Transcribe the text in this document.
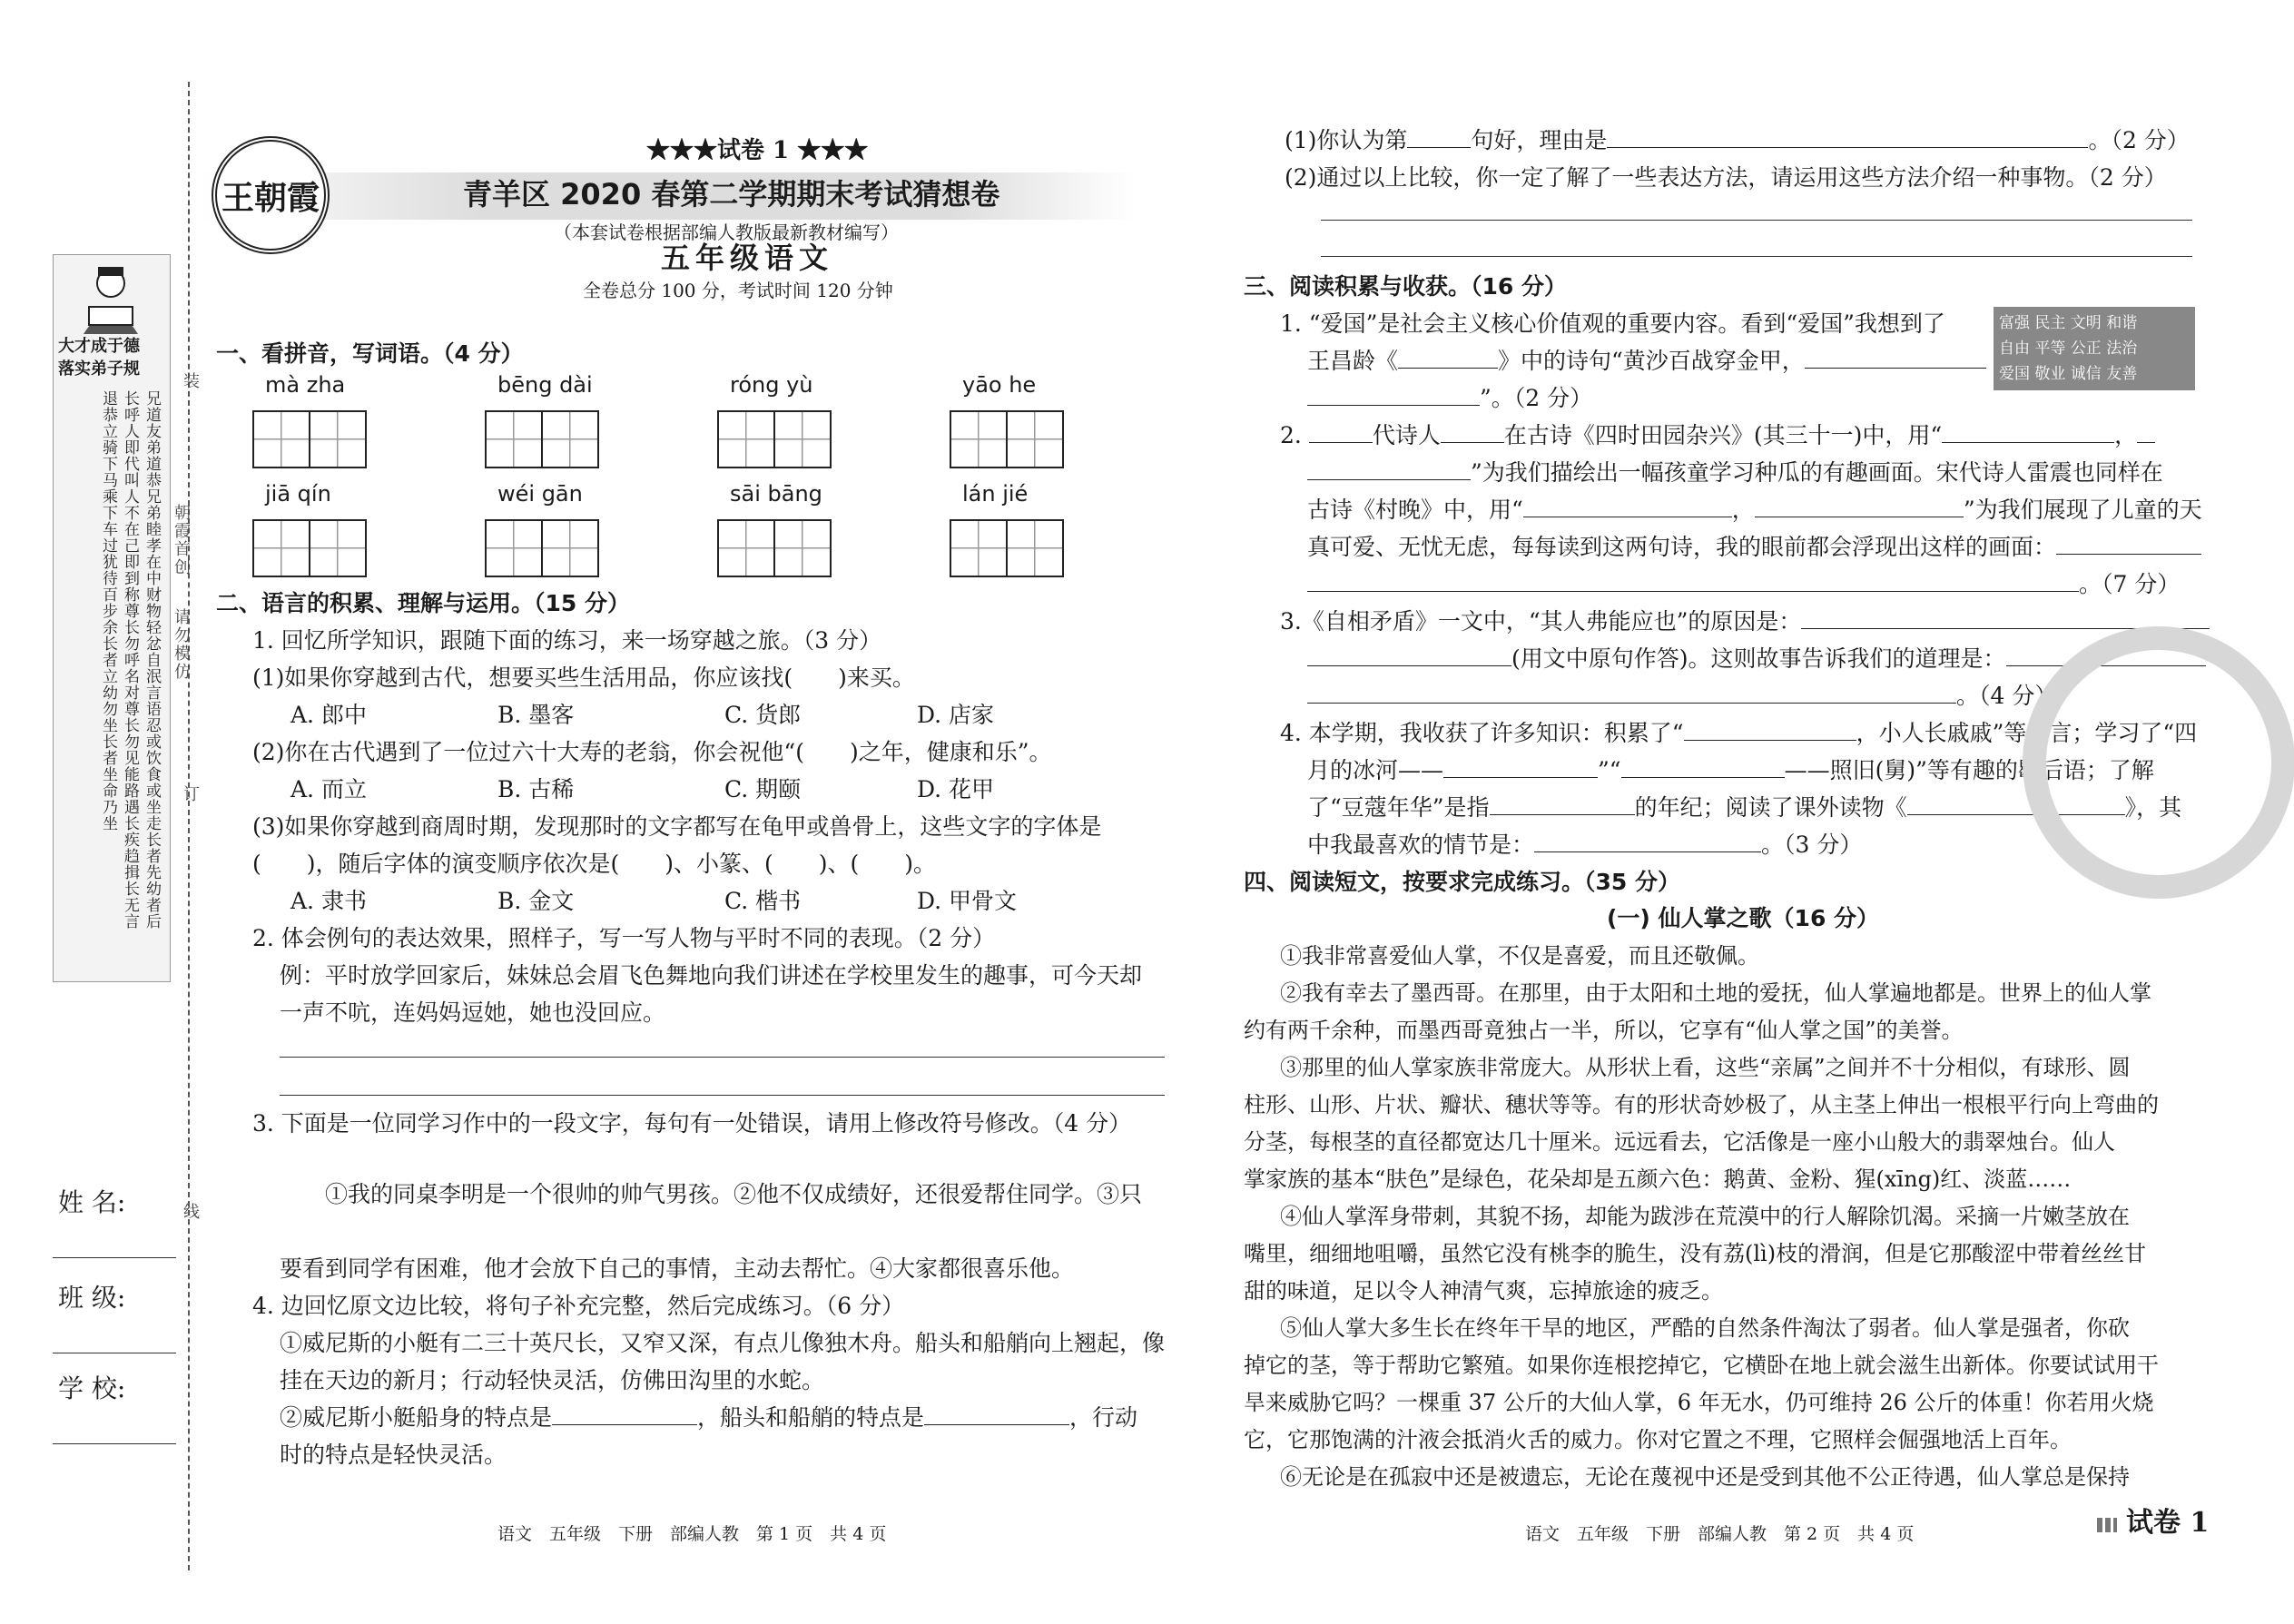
大才成于德
落实弟子规
兄道友弟道恭兄弟睦孝在中财物轻忿自泯言语忍或饮食或坐走长者先幼者后长呼人即代叫人不在己即到称尊长勿呼名对尊长勿见能路遇长疾趋揖长无言退恭立骑下马乘下车过犹待百步余长者立幼勿坐长者坐命乃坐
装
朝霞首创
请勿模仿
订
线
姓 名:
班 级:
学 校:
王朝霞
★★★试卷 1 ★★★
青羊区 2020 春第二学期期末考试猜想卷
（本套试卷根据部编人教版最新教材编写）
五年级语文
全卷总分 100 分，考试时间 120 分钟
一、看拼音，写词语。（4 分）
mà zha	bēng dài	róng yù	yāo he
jiā qín	wéi gān	sāi bāng	lán jié
二、语言的积累、理解与运用。（15 分）
1. 回忆所学知识，跟随下面的练习，来一场穿越之旅。（3 分）
(1)如果你穿越到古代，想要买些生活用品，你应该找(　　)来买。
A. 郎中	B. 墨客	C. 货郎	D. 店家
(2)你在古代遇到了一位过六十大寿的老翁，你会祝他“(　　)之年，健康和乐”。
A. 而立	B. 古稀	C. 期颐	D. 花甲
(3)如果你穿越到商周时期，发现那时的文字都写在龟甲或兽骨上，这些文字的字体是
(　　)，随后字体的演变顺序依次是(　　)、小篆、(　　)、(　　)。
A. 隶书	B. 金文	C. 楷书	D. 甲骨文
2. 体会例句的表达效果，照样子，写一写人物与平时不同的表现。（2 分）
例：平时放学回家后，妹妹总会眉飞色舞地向我们讲述在学校里发生的趣事，可今天却
一声不吭，连妈妈逗她，她也没回应。
3. 下面是一位同学习作中的一段文字，每句有一处错误，请用上修改符号修改。（4 分）
①我的同桌李明是一个很帅的帅气男孩。②他不仅成绩好，还很爱帮住同学。③只
要看到同学有困难，他才会放下自己的事情，主动去帮忙。④大家都很喜乐他。
4. 边回忆原文边比较，将句子补充完整，然后完成练习。（6 分）
①威尼斯的小艇有二三十英尺长，又窄又深，有点儿像独木舟。船头和船艄向上翘起，像
挂在天边的新月；行动轻快灵活，仿佛田沟里的水蛇。
②威尼斯小艇船身的特点是	，船头和船艄的特点是	，行动
时的特点是轻快灵活。
语文　五年级　下册　部编人教　第 1 页　共 4 页
(1)你认为第	句好，理由是	。（2 分）
(2)通过以上比较，你一定了解了一些表达方法，请运用这些方法介绍一种事物。（2 分）
三、阅读积累与收获。（16 分）
1. “爱国”是社会主义核心价值观的重要内容。看到“爱国”我想到了
王昌龄《	》中的诗句“黄沙百战穿金甲，
”。（2 分）
富强 民主 文明 和谐
自由 平等 公正 法治
爱国 敬业 诚信 友善
2.	代诗人	在古诗《四时田园杂兴》(其三十一)中，用“	，
”为我们描绘出一幅孩童学习种瓜的有趣画面。宋代诗人雷震也同样在
古诗《村晚》中，用“	，	”为我们展现了儿童的天
真可爱、无忧无虑，每每读到这两句诗，我的眼前都会浮现出这样的画面：
。（7 分）
3.《自相矛盾》一文中，“其人弗能应也”的原因是：
(用文中原句作答)。这则故事告诉我们的道理是：
。（4 分）
4. 本学期，我收获了许多知识：积累了“	，小人长戚戚”等名言；学习了“四
月的冰河——	”“	——照旧(舅)”等有趣的歇后语；了解
了“豆蔻年华”是指	的年纪；阅读了课外读物《	》，其
中我最喜欢的情节是：	。（3 分）
四、阅读短文，按要求完成练习。（35 分）
(一) 仙人掌之歌（16 分）
①我非常喜爱仙人掌，不仅是喜爱，而且还敬佩。
②我有幸去了墨西哥。在那里，由于太阳和土地的爱抚，仙人掌遍地都是。世界上的仙人掌
约有两千余种，而墨西哥竟独占一半，所以，它享有“仙人掌之国”的美誉。
③那里的仙人掌家族非常庞大。从形状上看，这些“亲属”之间并不十分相似，有球形、圆
柱形、山形、片状、瓣状、穗状等等。有的形状奇妙极了，从主茎上伸出一根根平行向上弯曲的
分茎，每根茎的直径都宽达几十厘米。远远看去，它活像是一座小山般大的翡翠烛台。仙人
掌家族的基本“肤色”是绿色，花朵却是五颜六色：鹅黄、金粉、猩(xīng)红、淡蓝……
④仙人掌浑身带刺，其貌不扬，却能为跋涉在荒漠中的行人解除饥渴。采摘一片嫩茎放在
嘴里，细细地咀嚼，虽然它没有桃李的脆生，没有荔(lì)枝的滑润，但是它那酸涩中带着丝丝甘
甜的味道，足以令人神清气爽，忘掉旅途的疲乏。
⑤仙人掌大多生长在终年干旱的地区，严酷的自然条件淘汰了弱者。仙人掌是强者，你砍
掉它的茎，等于帮助它繁殖。如果你连根挖掉它，它横卧在地上就会滋生出新体。你要试试用干
旱来威胁它吗？一棵重 37 公斤的大仙人掌，6 年无水，仍可维持 26 公斤的体重！你若用火烧
它，它那饱满的汁液会抵消火舌的威力。你对它置之不理，它照样会倔强地活上百年。
⑥无论是在孤寂中还是被遗忘，无论在蔑视中还是受到其他不公正待遇，仙人掌总是保持
语文　五年级　下册　部编人教　第 2 页　共 4 页	试卷 1
